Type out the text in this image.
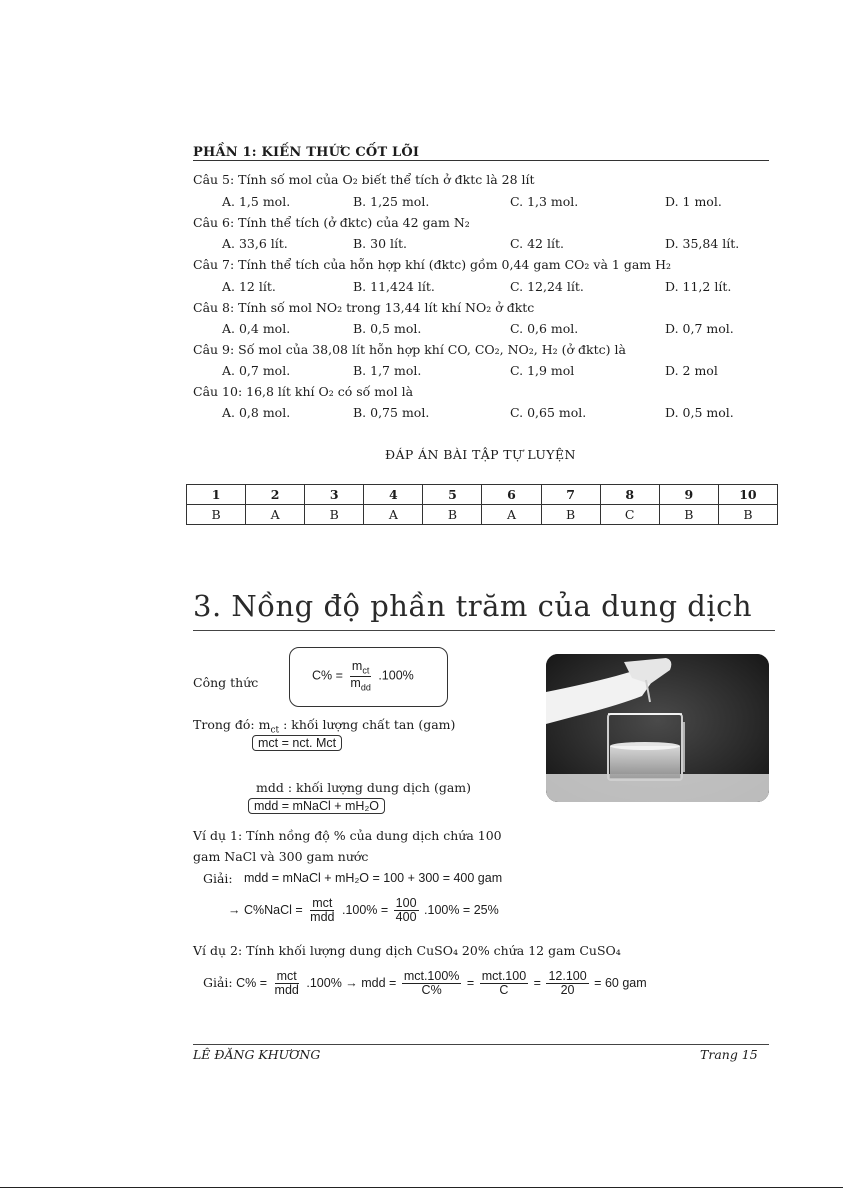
PHẦN 1: KIẾN THỨC CỐT LÕI
Câu 5: Tính số mol của O₂ biết thể tích ở đktc là 28 lít
A. 1,5 mol.	B. 1,25 mol.	C. 1,3 mol.	D. 1 mol.
Câu 6: Tính thể tích (ở đktc) của 42 gam N₂
A. 33,6 lít.	B. 30 lít.	C. 42 lít.	D. 35,84 lít.
Câu 7: Tính thể tích của hỗn hợp khí (đktc) gồm 0,44 gam CO₂ và 1 gam H₂
A. 12 lít.	B. 11,424 lít.	C. 12,24 lít.	D. 11,2 lít.
Câu 8: Tính số mol NO₂ trong 13,44 lít khí NO₂ ở đktc
A. 0,4 mol.	B. 0,5 mol.	C. 0,6 mol.	D. 0,7 mol.
Câu 9: Số mol của 38,08 lít hỗn hợp khí CO, CO₂, NO₂, H₂ (ở đktc) là
A. 0,7 mol.	B. 1,7 mol.	C. 1,9 mol	D. 2 mol
Câu 10: 16,8 lít khí O₂ có số mol là
A. 0,8 mol.	B. 0,75 mol.	C. 0,65 mol.	D. 0,5 mol.
ĐÁP ÁN BÀI TẬP TỰ LUYỆN
1	2	3	4	5	6	7	8	9	10
B	A	B	A	B	A	B	C	B	B
3. Nồng độ phần trăm của dung dịch
Công thức	$C\% = \frac{m_{ct}}{m_{dd}} .100\%$
Trong đó: $m_{ct}$ : khối lượng chất tan (gam)
mct = nct. Mct
mdd : khối lượng dung dịch (gam)
mdd = mNaCl + mH₂O
Ví dụ 1: Tính nồng độ % của dung dịch chứa 100
gam NaCl và 300 gam nước
Giải: mdd = mNaCl + mH₂O = 100 + 300 = 400 gam
→ C%NaCl = $\frac{\text{mct}}{\text{mdd}} .100\% = \frac{100}{400} .100\% = 25\%$
Ví dụ 2: Tính khối lượng dung dịch CuSO₄ 20% chứa 12 gam CuSO₄
Giải: $C\% = \frac{\text{mct}}{\text{mdd}} .100\%$ → mdd = $\frac{\text{mct.100\%}}{C\%} = \frac{\text{mct.100}}{C} = \frac{12.100}{20} = 60$ gam
LÊ ĐĂNG KHƯƠNG	Trang 15
